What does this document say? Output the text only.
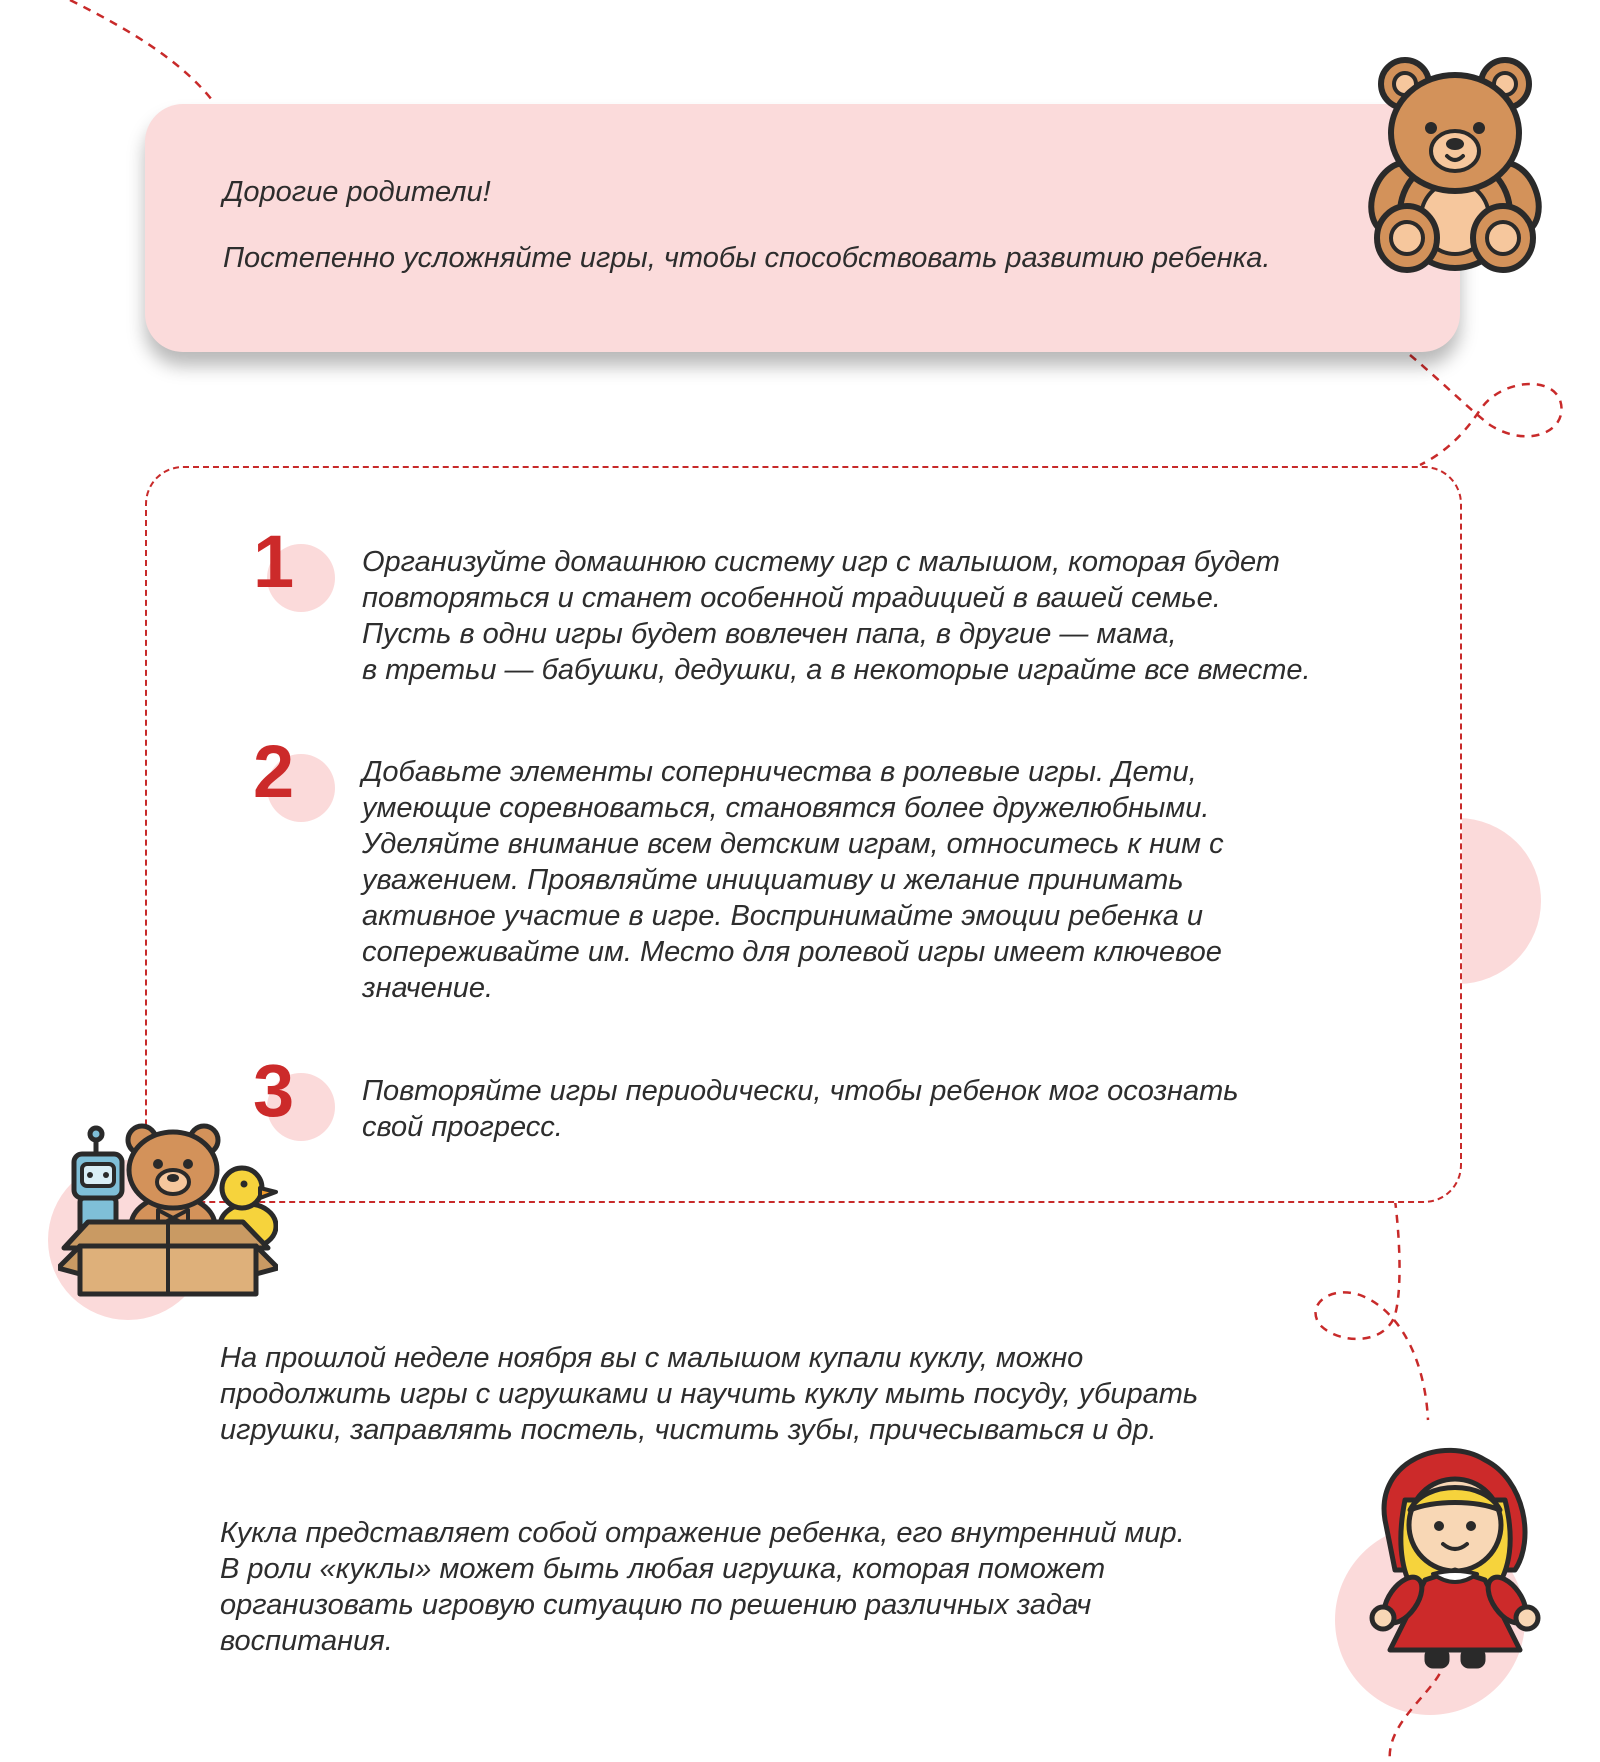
Дорогие родители!

Постепенно усложняйте игры, чтобы способствовать развитию ребенка.

1 Организуйте домашнюю систему игр с малышом, которая будет
повторяться и станет особенной традицией в вашей семье.
Пусть в одни игры будет вовлечен папа, в другие — мама,
в третьи — бабушки, дедушки, а в некоторые играйте все вместе.

2 Добавьте элементы соперничества в ролевые игры. Дети,
умеющие соревноваться, становятся более дружелюбными.
Уделяйте внимание всем детским играм, относитесь к ним с
уважением. Проявляйте инициативу и желание принимать
активное участие в игре. Воспринимайте эмоции ребенка и
сопереживайте им. Место для ролевой игры имеет ключевое
значение.

3 Повторяйте игры периодически, чтобы ребенок мог осознать
свой прогресс.

На прошлой неделе ноября вы с малышом купали куклу, можно
продолжить игры с игрушками и научить куклу мыть посуду, убирать
игрушки, заправлять постель, чистить зубы, причесываться и др.

Кукла представляет собой отражение ребенка, его внутренний мир.
В роли «куклы» может быть любая игрушка, которая поможет
организовать игровую ситуацию по решению различных задач
воспитания.
